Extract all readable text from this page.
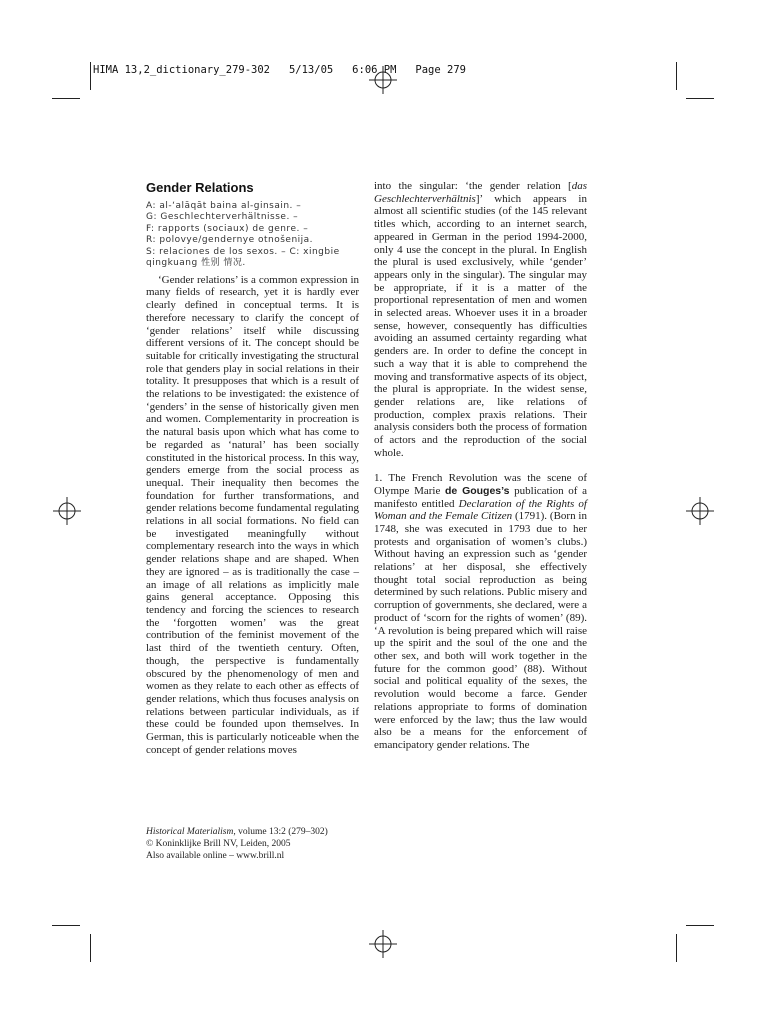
HIMA 13,2_dictionary_279-302   5/13/05   6:06 PM   Page 279
Gender Relations
A: al-‘alāqāt baina al-ginsain. –
G: Geschlechterverhältnisse. –
F: rapports (sociaux) de genre. –
R: polovye/gendernye otnošenija.
S: relaciones de los sexos. – C: xingbie
qingkuang 性别 情况.

‘Gender relations’ is a common expression in many fields of research, yet it is hardly ever clearly defined in conceptual terms. It is therefore necessary to clarify the concept of ‘gender relations’ itself while discussing different versions of it. The concept should be suitable for critically investigating the structural role that genders play in social relations in their totality. It presupposes that which is a result of the relations to be investigated: the existence of ‘genders’ in the sense of historically given men and women. Complementarity in procreation is the natural basis upon which what has come to be regarded as ‘natural’ has been socially constituted in the historical process. In this way, genders emerge from the social process as unequal. Their inequality then becomes the foundation for further transformations, and gender relations become fundamental regulating relations in all social formations. No field can be investigated meaningfully without complementary research into the ways in which gender relations shape and are shaped. When they are ignored – as is traditionally the case – an image of all relations as implicitly male gains general acceptance. Opposing this tendency and forcing the sciences to research the ‘forgotten women’ was the great contribution of the feminist movement of the last third of the twentieth century. Often, though, the perspective is fundamentally obscured by the phenomenology of men and women as they relate to each other as effects of gender relations, which thus focuses analysis on relations between particular individuals, as if these could be founded upon themselves. In German, this is particularly noticeable when the concept of gender relations moves

into the singular: ‘the gender relation [das Geschlechterverhältnis]’ which appears in almost all scientific studies (of the 145 relevant titles which, according to an internet search, appeared in German in the period 1994-2000, only 4 use the concept in the plural. In English the plural is used exclusively, while ‘gender’ appears only in the singular). The singular may be appropriate, if it is a matter of the proportional representation of men and women in selected areas. Whoever uses it in a broader sense, however, consequently has difficulties avoiding an assumed certainty regarding what genders are. In order to define the concept in such a way that it is able to comprehend the moving and transformative aspects of its object, the plural is appropriate. In the widest sense, gender relations are, like relations of production, complex praxis relations. Their analysis considers both the process of formation of actors and the reproduction of the social whole.

1. The French Revolution was the scene of Olympe Marie de Gouges’s publication of a manifesto entitled Declaration of the Rights of Woman and the Female Citizen (1791). (Born in 1748, she was executed in 1793 due to her protests and organisation of women’s clubs.) Without having an expression such as ‘gender relations’ at her disposal, she effectively thought total social reproduction as being determined by such relations. Public misery and corruption of governments, she declared, were a product of ‘scorn for the rights of women’ (89). ‘A revolution is being prepared which will raise up the spirit and the soul of the one and the other sex, and both will work together in the future for the common good’ (88). Without social and political equality of the sexes, the revolution would become a farce. Gender relations appropriate to forms of domination were enforced by the law; thus the law would also be a means for the enforcement of emancipatory gender relations. The

Historical Materialism, volume 13:2 (279–302)
© Koninklijke Brill NV, Leiden, 2005
Also available online – www.brill.nl
